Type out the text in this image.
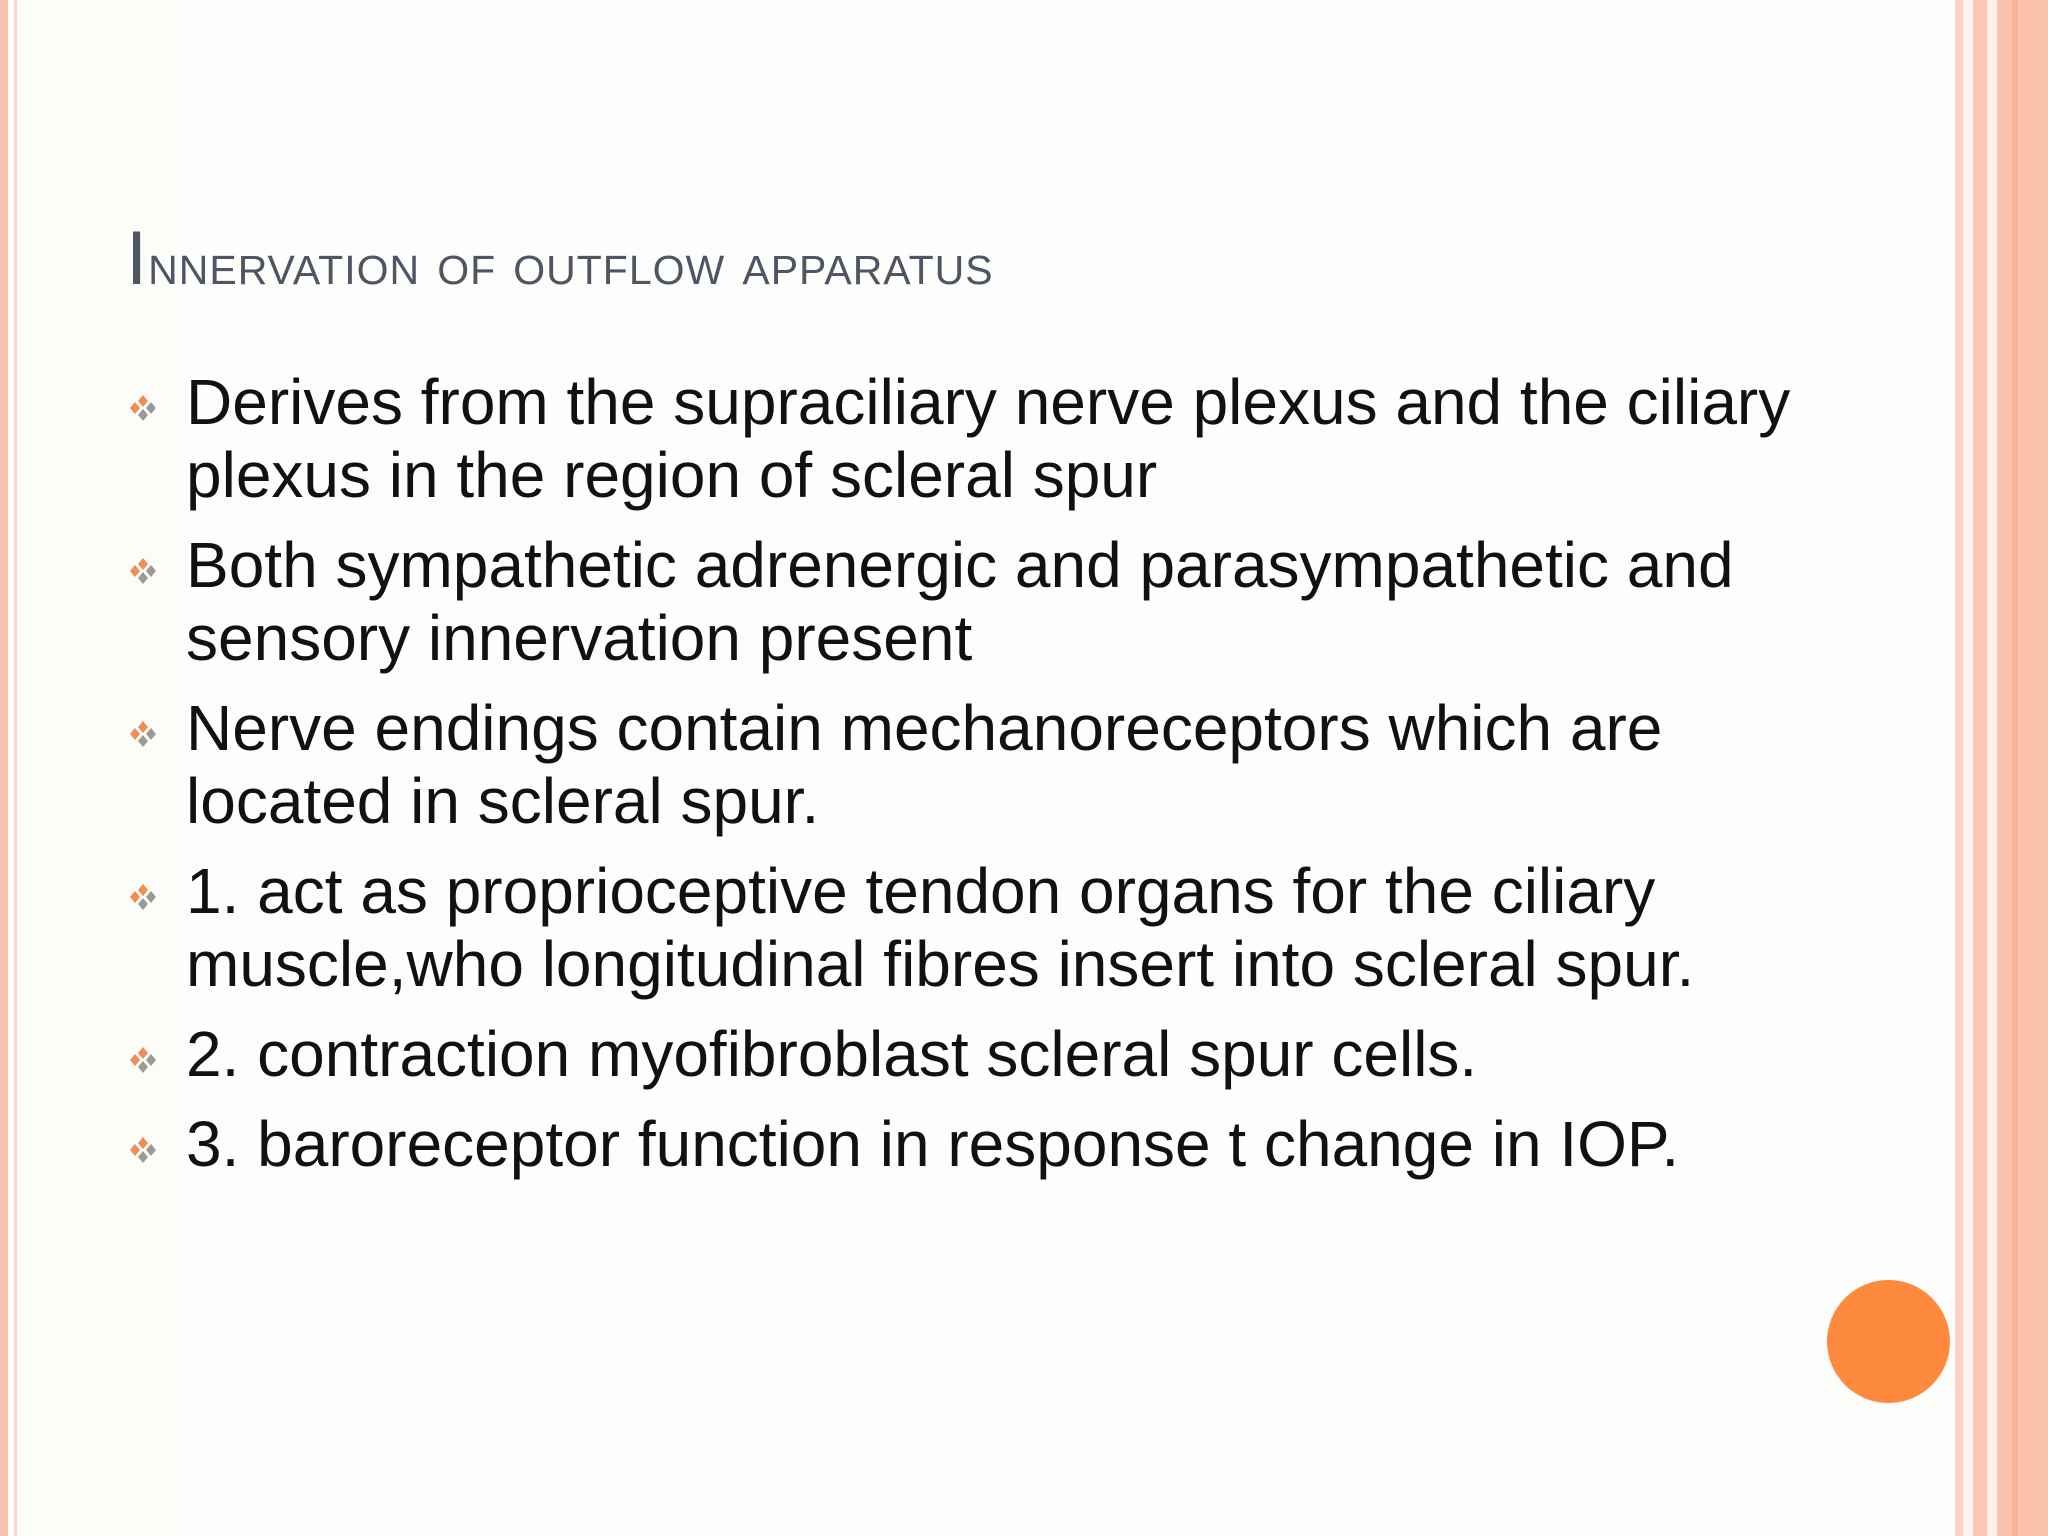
Innervation of outflow apparatus
Derives from the supraciliary nerve plexus and the ciliary plexus in the region of scleral spur
Both sympathetic adrenergic and parasympathetic and sensory innervation present
Nerve endings contain mechanoreceptors which are located in scleral spur.
1. act as proprioceptive tendon organs for the ciliary muscle,who longitudinal fibres insert into scleral spur.
2. contraction myofibroblast scleral spur cells.
3. baroreceptor function in response t change in IOP.
